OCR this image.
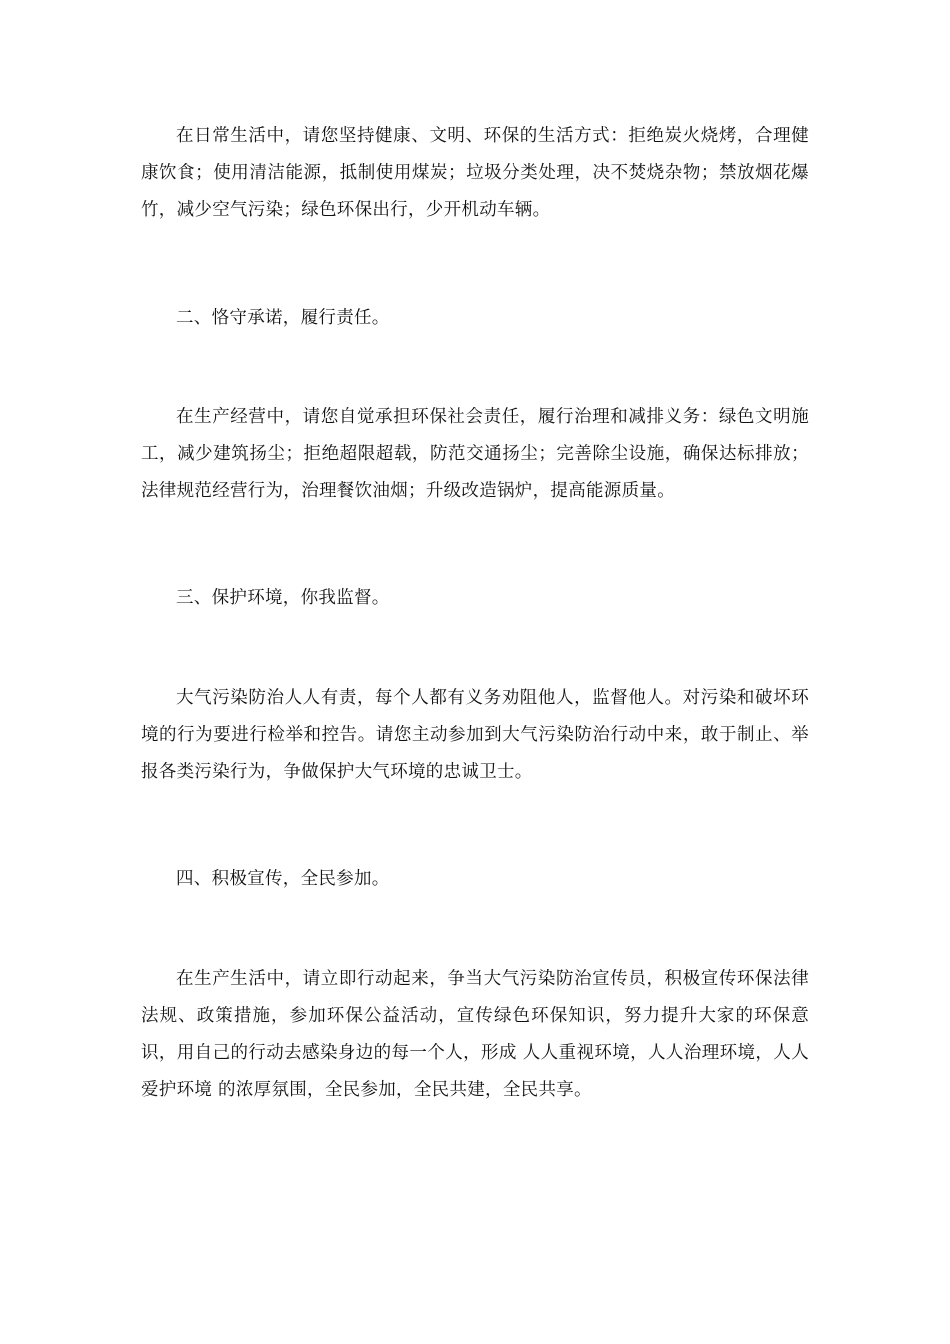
在日常生活中，请您坚持健康、文明、环保的生活方式：拒绝炭火烧烤，合理健康饮食；使用清洁能源，抵制使用煤炭；垃圾分类处理，决不焚烧杂物；禁放烟花爆竹，减少空气污染；绿色环保出行，少开机动车辆。

二、恪守承诺，履行责任。

在生产经营中，请您自觉承担环保社会责任，履行治理和减排义务：绿色文明施工，减少建筑扬尘；拒绝超限超载，防范交通扬尘；完善除尘设施，确保达标排放；法律规范经营行为，治理餐饮油烟；升级改造锅炉，提高能源质量。

三、保护环境，你我监督。

大气污染防治人人有责，每个人都有义务劝阻他人，监督他人。对污染和破坏环境的行为要进行检举和控告。请您主动参加到大气污染防治行动中来，敢于制止、举报各类污染行为，争做保护大气环境的忠诚卫士。

四、积极宣传，全民参加。

在生产生活中，请立即行动起来，争当大气污染防治宣传员，积极宣传环保法律法规、政策措施，参加环保公益活动，宣传绿色环保知识，努力提升大家的环保意识，用自己的行动去感染身边的每一个人，形成 人人重视环境，人人治理环境，人人爱护环境 的浓厚氛围，全民参加，全民共建，全民共享。
